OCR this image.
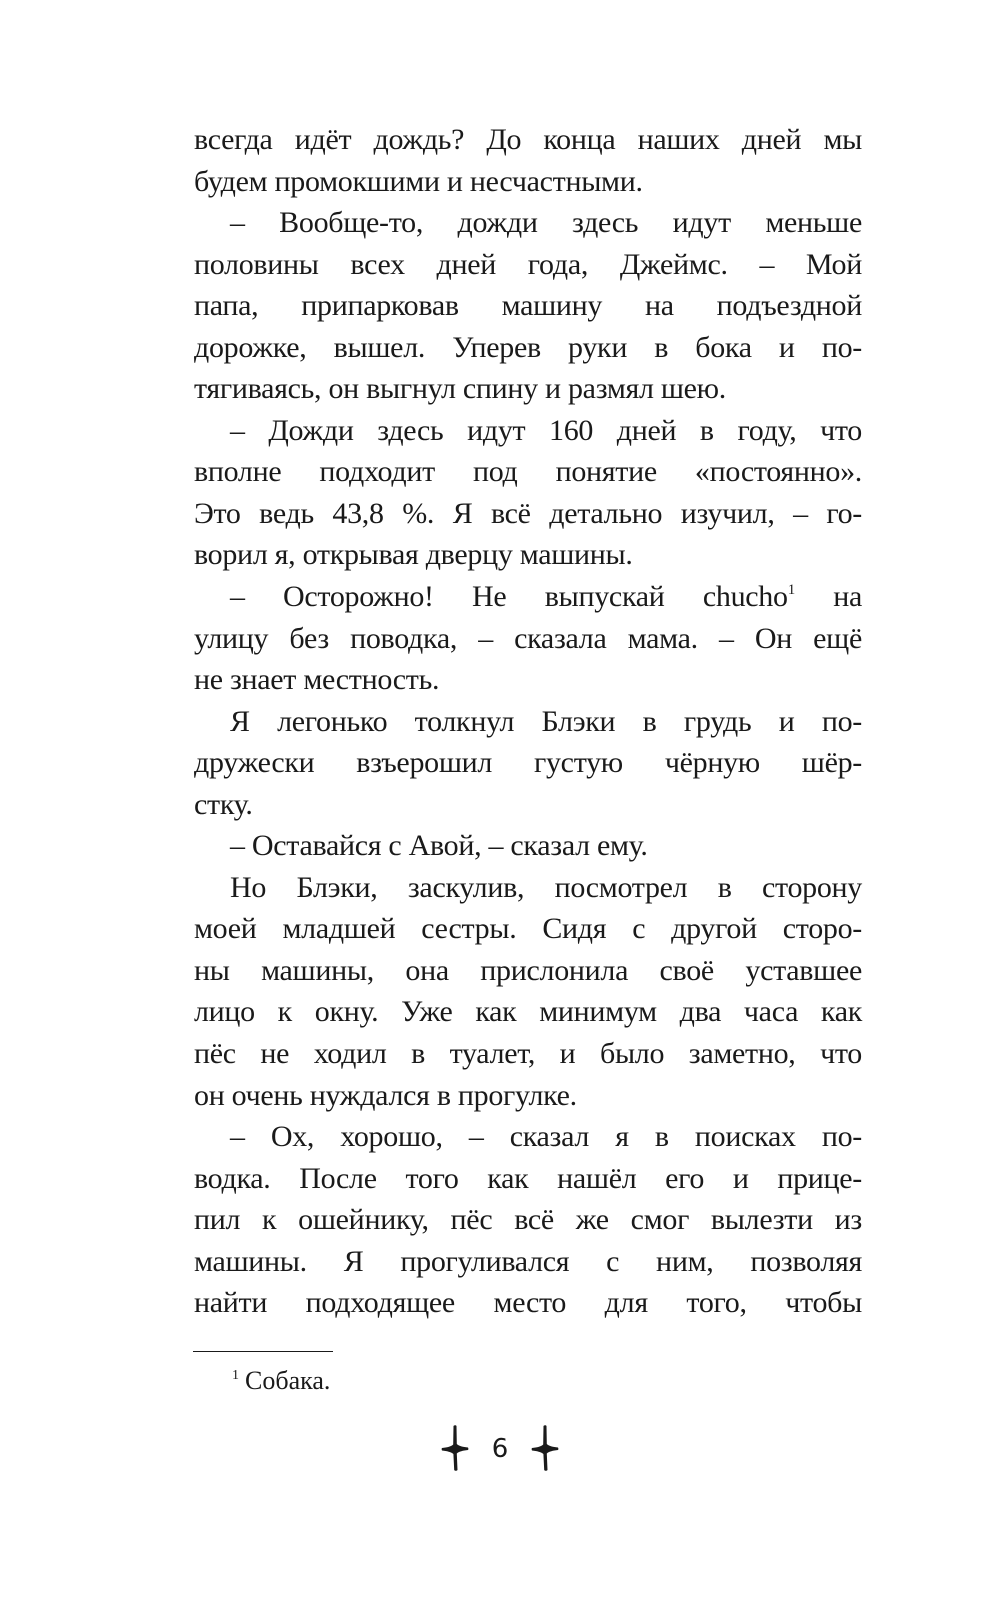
всегда идёт дождь? До конца наших дней мы
будем промокшими и несчастными.
– Вообще-то, дожди здесь идут меньше
половины всех дней года, Джеймс. – Мой
папа, припарковав машину на подъездной
дорожке, вышел. Уперев руки в бока и по-
тягиваясь, он выгнул спину и размял шею.
– Дожди здесь идут 160 дней в году, что
вполне подходит под понятие «постоянно».
Это ведь 43,8 %. Я всё детально изучил, – го-
ворил я, открывая дверцу машины.
– Осторожно! Не выпускай chucho$^1$ на
улицу без поводка, – сказала мама. – Он ещё
не знает местность.
Я легонько толкнул Блэки в грудь и по-
дружески взъерошил густую чёрную шёр-
стку.
– Оставайся с Авой, – сказал ему.
Но Блэки, заскулив, посмотрел в сторону
моей младшей сестры. Сидя с другой сторо-
ны машины, она прислонила своё уставшее
лицо к окну. Уже как минимум два часа как
пёс не ходил в туалет, и было заметно, что
он очень нуждался в прогулке.
– Ох, хорошо, – сказал я в поисках по-
водка. После того как нашёл его и прице-
пил к ошейнику, пёс всё же смог вылезти из
машины. Я прогуливался с ним, позволяя
найти подходящее место для того, чтобы
$^1$ Собака.
6
